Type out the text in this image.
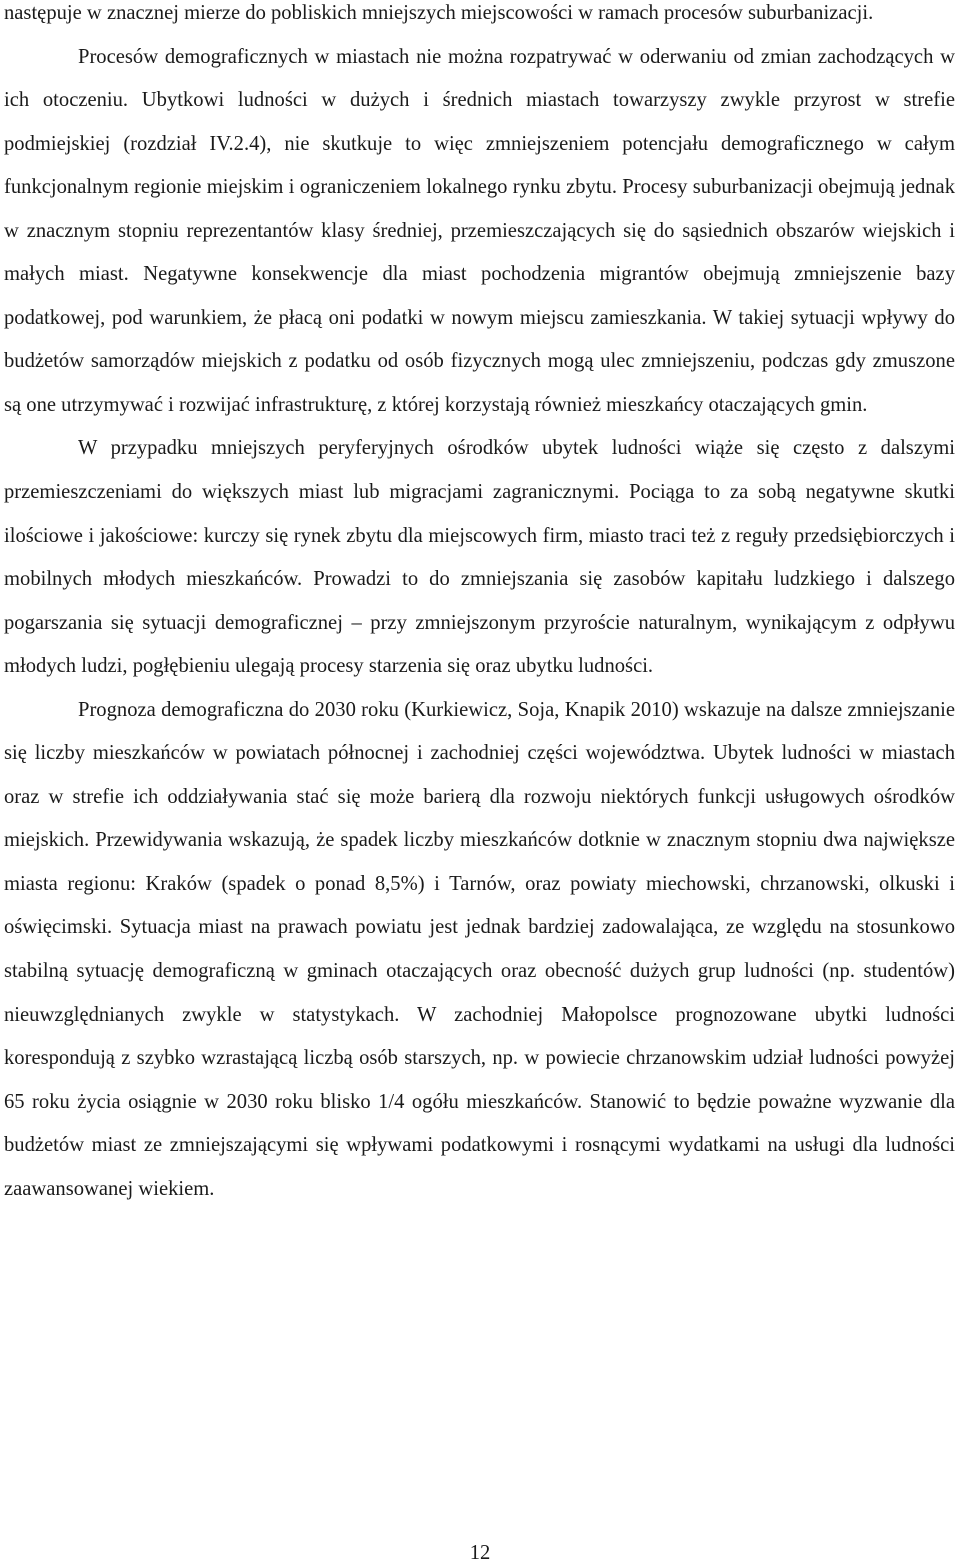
następuje w znacznej mierze do pobliskich mniejszych miejscowości w ramach procesów suburbanizacji.

Procesów demograficznych w miastach nie można rozpatrywać w oderwaniu od zmian zachodzących w ich otoczeniu. Ubytkowi ludności w dużych i średnich miastach towarzyszy zwykle przyrost w strefie podmiejskiej (rozdział IV.2.4), nie skutkuje to więc zmniejszeniem potencjału demograficznego w całym funkcjonalnym regionie miejskim i ograniczeniem lokalnego rynku zbytu. Procesy suburbanizacji obejmują jednak w znacznym stopniu reprezentantów klasy średniej, przemieszczających się do sąsiednich obszarów wiejskich i małych miast. Negatywne konsekwencje dla miast pochodzenia migrantów obejmują zmniejszenie bazy podatkowej, pod warunkiem, że płacą oni podatki w nowym miejscu zamieszkania. W takiej sytuacji wpływy do budżetów samorządów miejskich z podatku od osób fizycznych mogą ulec zmniejszeniu, podczas gdy zmuszone są one utrzymywać i rozwijać infrastrukturę, z której korzystają również mieszkańcy otaczających gmin.

W przypadku mniejszych peryferyjnych ośrodków ubytek ludności wiąże się często z dalszymi przemieszczeniami do większych miast lub migracjami zagranicznymi. Pociąga to za sobą negatywne skutki ilościowe i jakościowe: kurczy się rynek zbytu dla miejscowych firm, miasto traci też z reguły przedsiębiorczych i mobilnych młodych mieszkańców. Prowadzi to do zmniejszania się zasobów kapitału ludzkiego i dalszego pogarszania się sytuacji demograficznej – przy zmniejszonym przyroście naturalnym, wynikającym z odpływu młodych ludzi, pogłębieniu ulegają procesy starzenia się oraz ubytku ludności.

Prognoza demograficzna do 2030 roku (Kurkiewicz, Soja, Knapik 2010) wskazuje na dalsze zmniejszanie się liczby mieszkańców w powiatach północnej i zachodniej części województwa. Ubytek ludności w miastach oraz w strefie ich oddziaływania stać się może barierą dla rozwoju niektórych funkcji usługowych ośrodków miejskich. Przewidywania wskazują, że spadek liczby mieszkańców dotknie w znacznym stopniu dwa największe miasta regionu: Kraków (spadek o ponad 8,5%) i Tarnów, oraz powiaty miechowski, chrzanowski, olkuski i oświęcimski. Sytuacja miast na prawach powiatu jest jednak bardziej zadowalająca, ze względu na stosunkowo stabilną sytuację demograficzną w gminach otaczających oraz obecność dużych grup ludności (np. studentów) nieuwzględnianych zwykle w statystykach. W zachodniej Małopolsce prognozowane ubytki ludności korespondują z szybko wzrastającą liczbą osób starszych, np. w powiecie chrzanowskim udział ludności powyżej 65 roku życia osiągnie w 2030 roku blisko 1/4 ogółu mieszkańców. Stanowić to będzie poważne wyzwanie dla budżetów miast ze zmniejszającymi się wpływami podatkowymi i rosnącymi wydatkami na usługi dla ludności zaawansowanej wiekiem.

12
